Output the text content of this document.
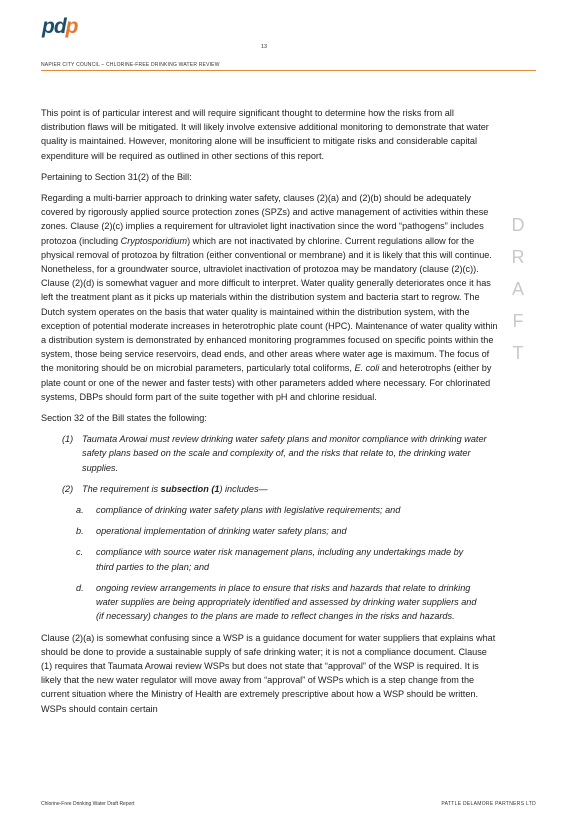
pdp
13
NAPIER CITY COUNCIL – CHLORINE-FREE DRINKING WATER REVIEW
D
R
A
F
T

This point is of particular interest and will require significant thought to determine how the risks from all distribution flaws will be mitigated. It will likely involve extensive additional monitoring to demonstrate that water quality is maintained. However, monitoring alone will be insufficient to mitigate risks and considerable capital expenditure will be required as outlined in other sections of this report.

Pertaining to Section 31(2) of the Bill:

Regarding a multi-barrier approach to drinking water safety, clauses (2)(a) and (2)(b) should be adequately covered by rigorously applied source protection zones (SPZs) and active management of activities within these zones. Clause (2)(c) implies a requirement for ultraviolet light inactivation since the word “pathogens” includes protozoa (including Cryptosporidium) which are not inactivated by chlorine. Current regulations allow for the physical removal of protozoa by filtration (either conventional or membrane) and it is likely that this will continue. Nonetheless, for a groundwater source, ultraviolet inactivation of protozoa may be mandatory (clause (2)(c)). Clause (2)(d) is somewhat vaguer and more difficult to interpret. Water quality generally deteriorates once it has left the treatment plant as it picks up materials within the distribution system and bacteria start to regrow. The Dutch system operates on the basis that water quality is maintained within the distribution system, with the exception of potential moderate increases in heterotrophic plate count (HPC). Maintenance of water quality within a distribution system is demonstrated by enhanced monitoring programmes focused on specific points within the system, those being service reservoirs, dead ends, and other areas where water age is maximum. The focus of the monitoring should be on microbial parameters, particularly total coliforms, E. coli and heterotrophs (either by plate count or one of the newer and faster tests) with other parameters added where necessary. For chlorinated systems, DBPs should form part of the suite together with pH and chlorine residual.

Section 32 of the Bill states the following:

(1) Taumata Arowai must review drinking water safety plans and monitor compliance with drinking water safety plans based on the scale and complexity of, and the risks that relate to, the drinking water supplies.
(2) The requirement is subsection (1) includes—
a.	compliance of drinking water safety plans with legislative requirements; and
b.	operational implementation of drinking water safety plans; and
c.	compliance with source water risk management plans, including any undertakings made by third parties to the plan; and
d.	ongoing review arrangements in place to ensure that risks and hazards that relate to drinking water supplies are being appropriately identified and assessed by drinking water suppliers and (if necessary) changes to the plans are made to reflect changes in the risks and hazards.

Clause (2)(a) is somewhat confusing since a WSP is a guidance document for water suppliers that explains what should be done to provide a sustainable supply of safe drinking water; it is not a compliance document. Clause (1) requires that Taumata Arowai review WSPs but does not state that “approval” of the WSP is required. It is likely that the new water regulator will move away from “approval” of WSPs which is a step change from the current situation where the Ministry of Health are extremely prescriptive about how a WSP should be written. WSPs should contain certain

Chlorine-Free Drinking Water Draft Report	PATTLE DELAMORE PARTNERS LTD
